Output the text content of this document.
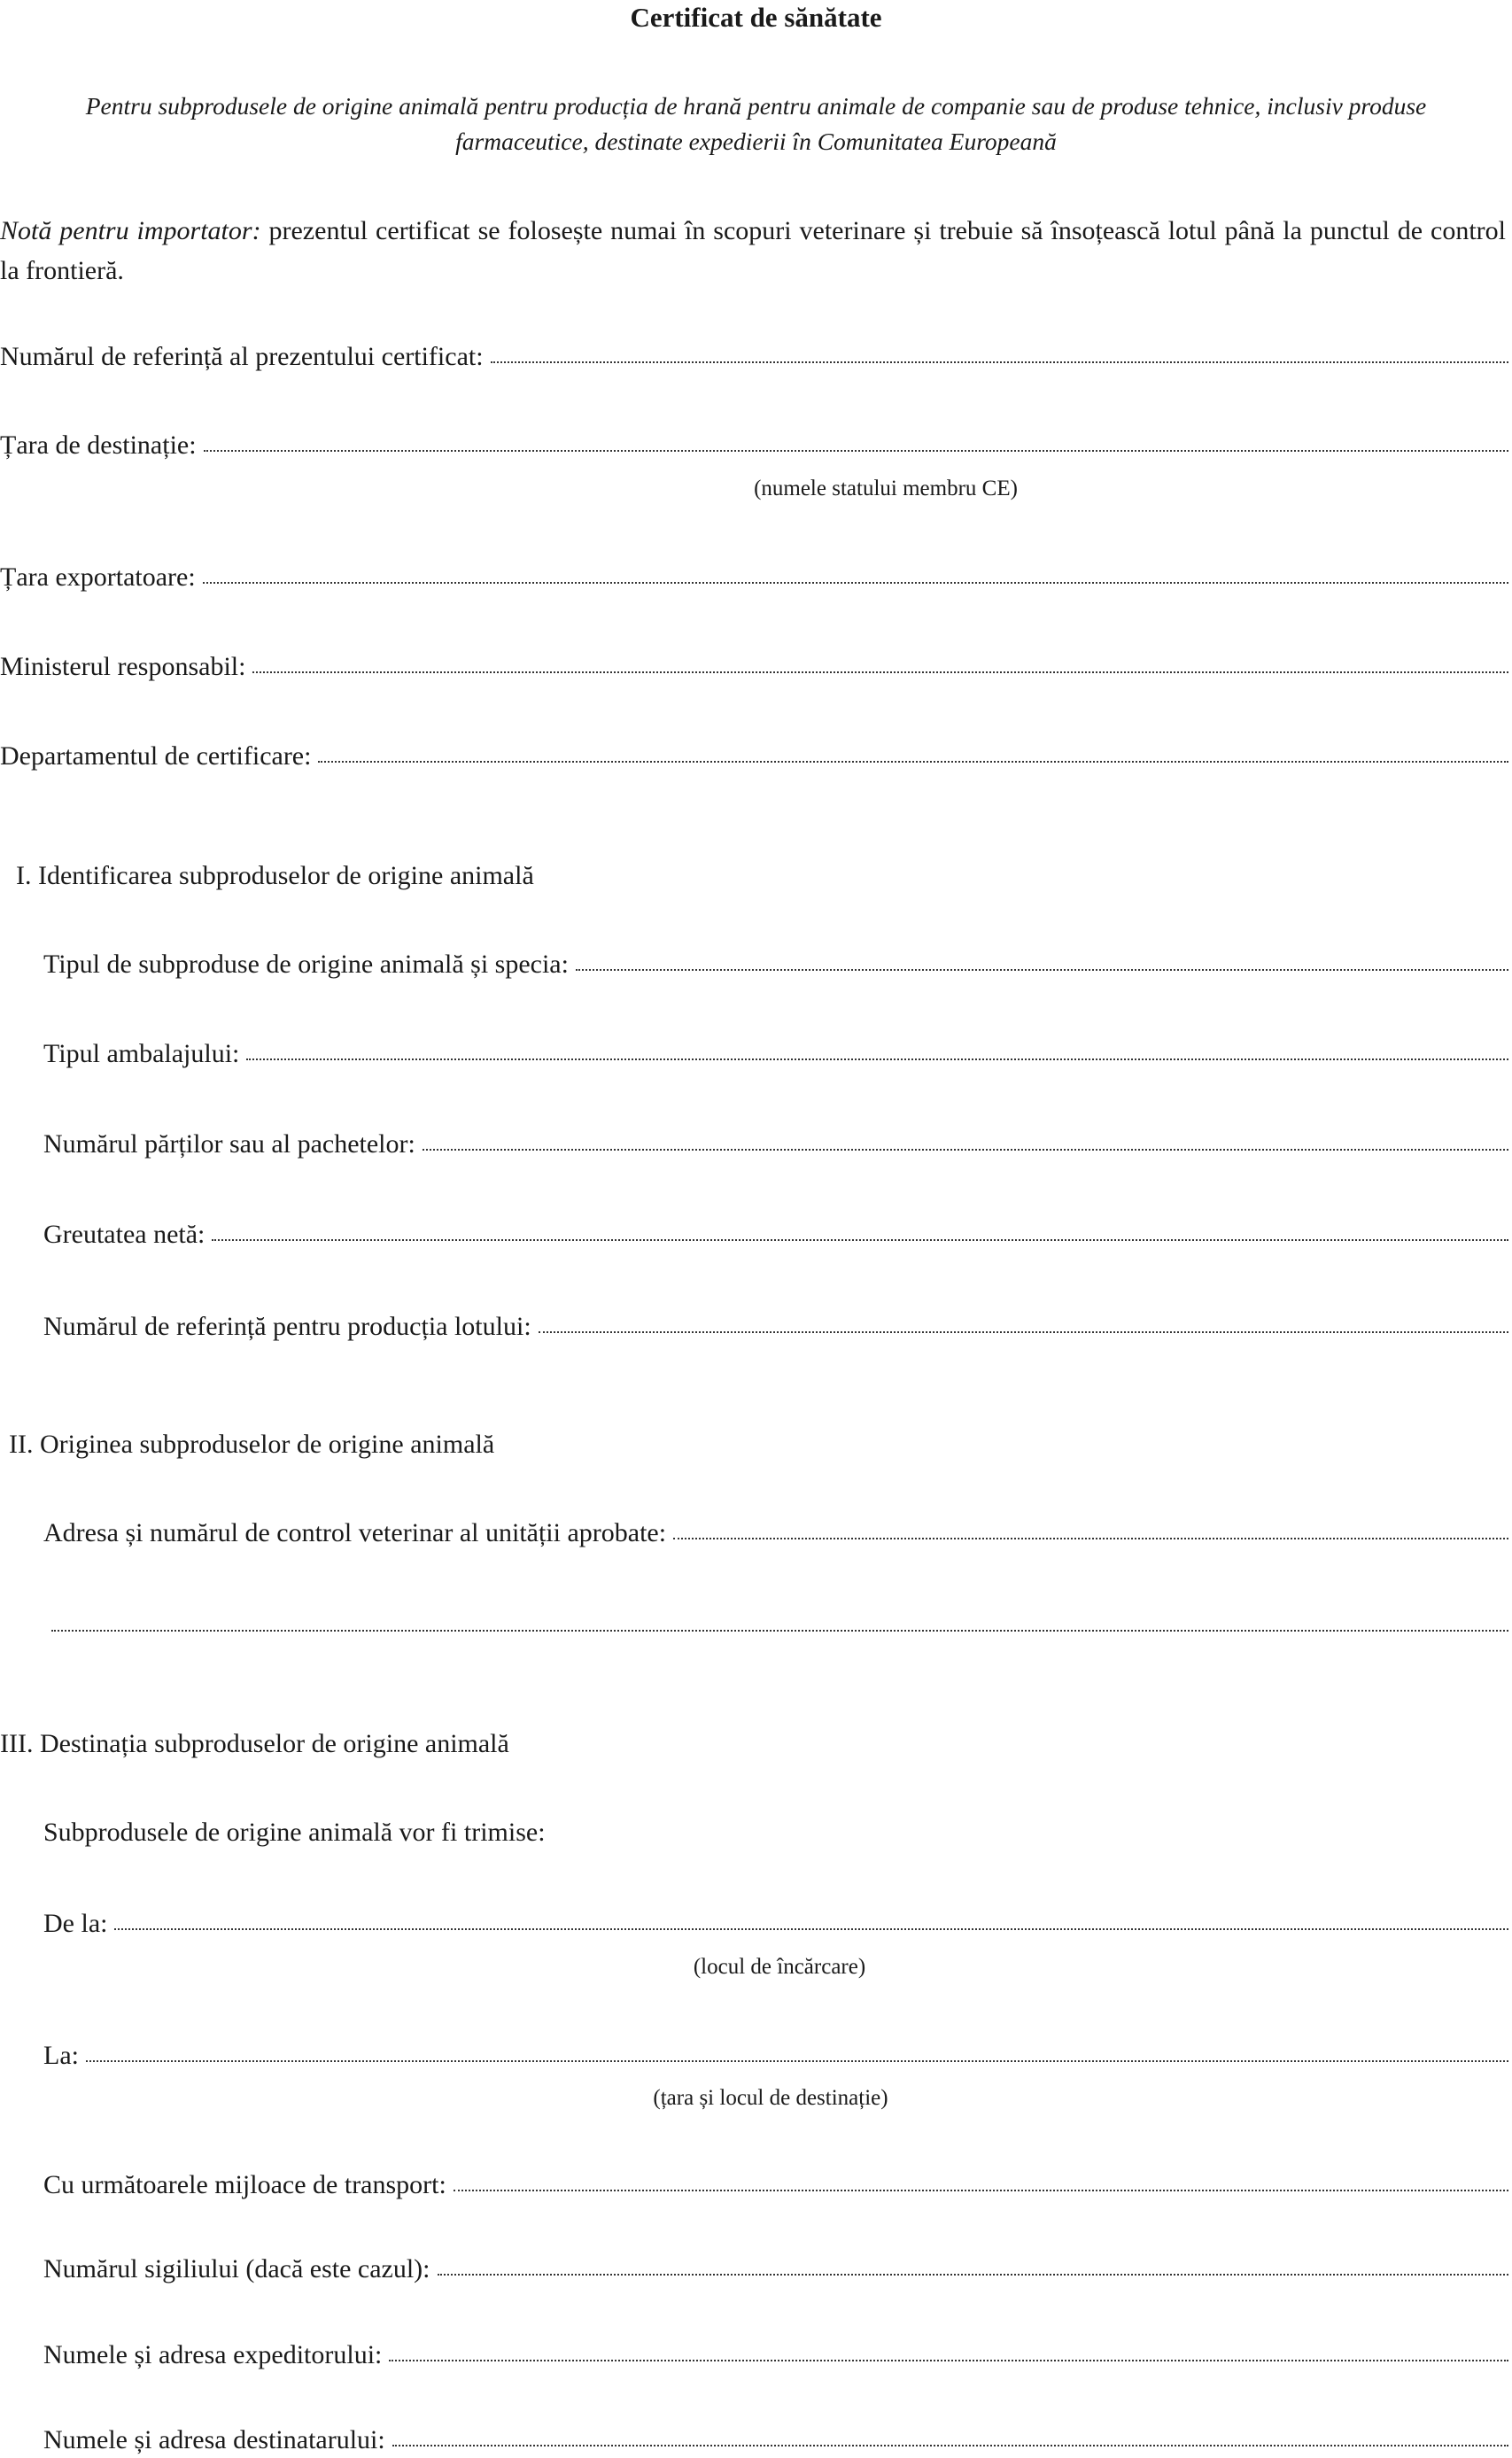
Certificat de sănătate
Pentru subprodusele de origine animală pentru producția de hrană pentru animale de companie sau de produse tehnice, inclusiv produse
farmaceutice, destinate expedierii în Comunitatea Europeană
Notă pentru importator: prezentul certificat se folosește numai în scopuri veterinare și trebuie să însoțească lotul până la punctul de control la frontieră.
Numărul de referință al prezentului certificat:
Țara de destinație:
(numele statului membru CE)
Țara exportatoare:
Ministerul responsabil:
Departamentul de certificare:
I. Identificarea subproduselor de origine animală
Tipul de subproduse de origine animală și specia:
Tipul ambalajului:
Numărul părților sau al pachetelor:
Greutatea netă:
Numărul de referință pentru producția lotului:
II. Originea subproduselor de origine animală
Adresa și numărul de control veterinar al unității aprobate:
III. Destinația subproduselor de origine animală
Subprodusele de origine animală vor fi trimise:
De la:
(locul de încărcare)
La:
(țara și locul de destinație)
Cu următoarele mijloace de transport:
Numărul sigiliului (dacă este cazul):
Numele și adresa expeditorului:
Numele și adresa destinatarului:
